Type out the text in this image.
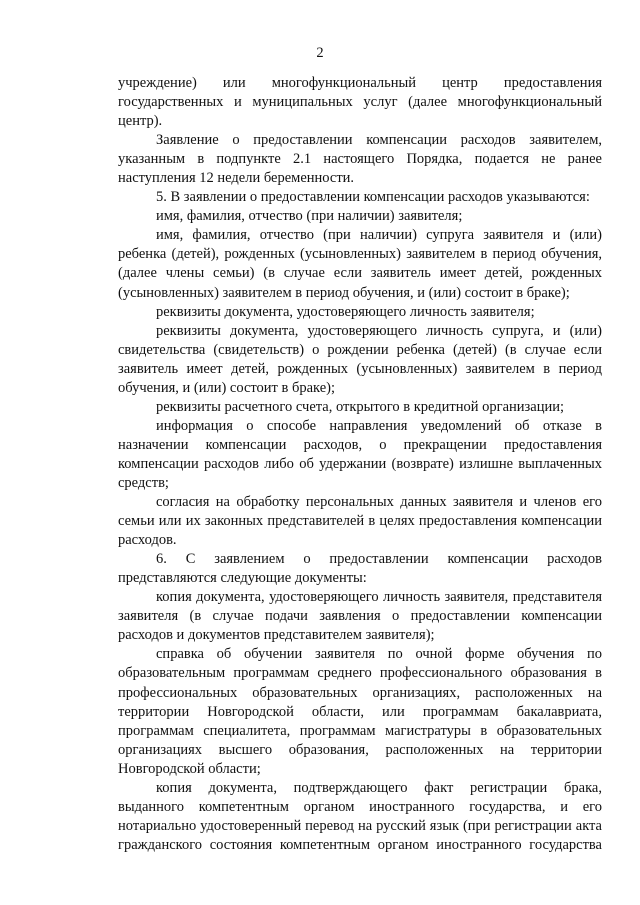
2

учреждение) или многофункциональный центр предоставления государственных и муниципальных услуг (далее многофункциональный центр).

Заявление о предоставлении компенсации расходов заявителем, указанным в подпункте 2.1 настоящего Порядка, подается не ранее наступления 12 недели беременности.

5. В заявлении о предоставлении компенсации расходов указываются:

имя, фамилия, отчество (при наличии) заявителя;

имя, фамилия, отчество (при наличии) супруга заявителя и (или) ребенка (детей), рожденных (усыновленных) заявителем в период обучения, (далее члены семьи) (в случае если заявитель имеет детей, рожденных (усыновленных) заявителем в период обучения, и (или) состоит в браке);

реквизиты документа, удостоверяющего личность заявителя;

реквизиты документа, удостоверяющего личность супруга, и (или) свидетельства (свидетельств) о рождении ребенка (детей) (в случае если заявитель имеет детей, рожденных (усыновленных) заявителем в период обучения, и (или) состоит в браке);

реквизиты расчетного счета, открытого в кредитной организации;

информация о способе направления уведомлений об отказе в назначении компенсации расходов, о прекращении предоставления компенсации расходов либо об удержании (возврате) излишне выплаченных средств;

согласия на обработку персональных данных заявителя и членов его семьи или их законных представителей в целях предоставления компенсации расходов.

6. С заявлением о предоставлении компенсации расходов представляются следующие документы:

копия документа, удостоверяющего личность заявителя, представителя заявителя (в случае подачи заявления о предоставлении компенсации расходов и документов представителем заявителя);

справка об обучении заявителя по очной форме обучения по образовательным программам среднего профессионального образования в профессиональных образовательных организациях, расположенных на территории Новгородской области, или программам бакалавриата, программам специалитета, программам магистратуры в образовательных организациях высшего образования, расположенных на территории Новгородской области;

копия документа, подтверждающего факт регистрации брака, выданного компетентным органом иностранного государства, и его нотариально удостоверенный перевод на русский язык (при регистрации акта гражданского состояния компетентным органом иностранного государства
